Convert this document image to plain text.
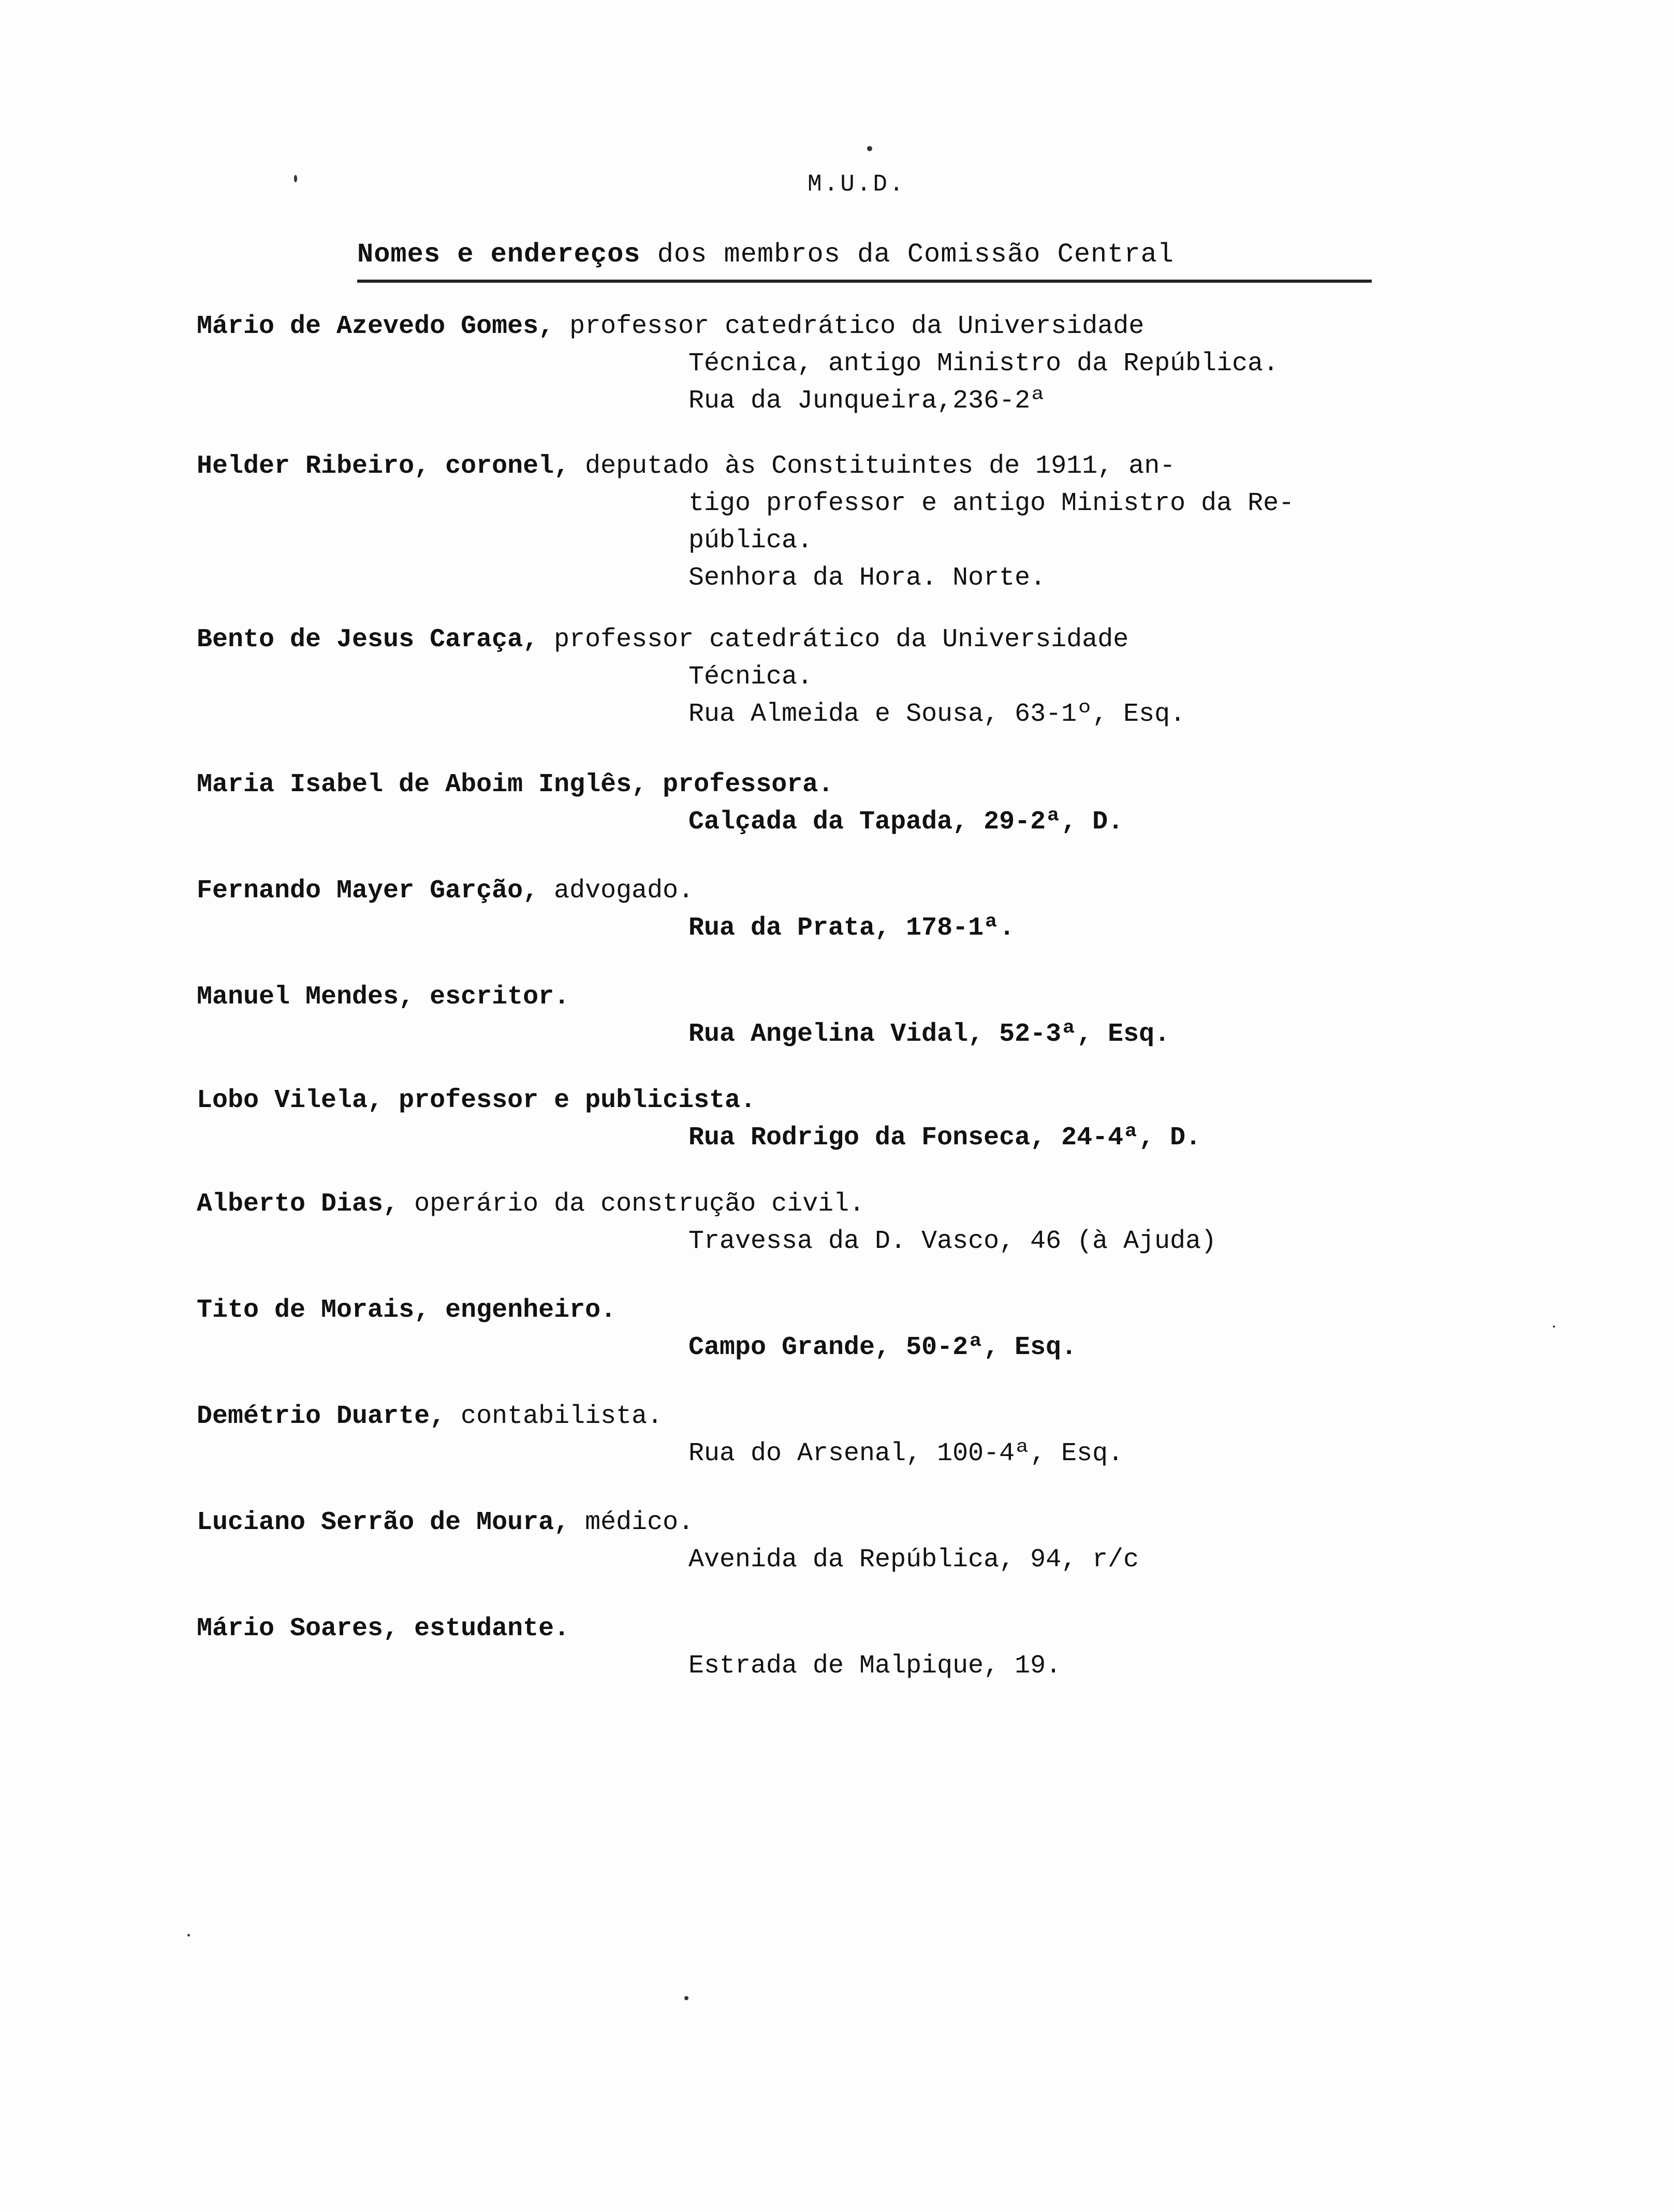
M.U.D.
Nomes e endereços dos membros da Comissão Central
Mário de Azevedo Gomes, professor catedrático da Universidade
Técnica, antigo Ministro da República.
Rua da Junqueira,236-2ª
Helder Ribeiro, coronel, deputado às Constituintes de 1911, an-
tigo professor e antigo Ministro da Re-
pública.
Senhora da Hora. Norte.
Bento de Jesus Caraça, professor catedrático da Universidade
Técnica.
Rua Almeida e Sousa, 63-1º, Esq.
Maria Isabel de Aboim Inglês, professora.
Calçada da Tapada, 29-2ª, D.
Fernando Mayer Garção, advogado.
Rua da Prata, 178-1ª.
Manuel Mendes, escritor.
Rua Angelina Vidal, 52-3ª, Esq.
Lobo Vilela, professor e publicista.
Rua Rodrigo da Fonseca, 24-4ª, D.
Alberto Dias, operário da construção civil.
Travessa da D. Vasco, 46 (à Ajuda)
Tito de Morais, engenheiro.
Campo Grande, 50-2ª, Esq.
Demétrio Duarte, contabilista.
Rua do Arsenal, 100-4ª, Esq.
Luciano Serrão de Moura, médico.
Avenida da República, 94, r/c
Mário Soares, estudante.
Estrada de Malpique, 19.
